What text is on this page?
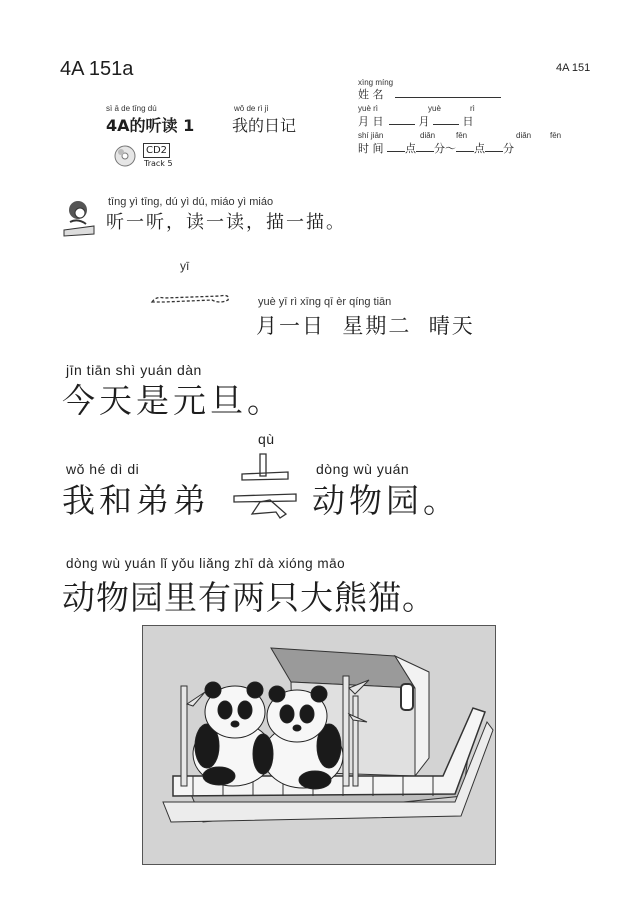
4A 151a	4A 151
sì ā de tīng dú	wǒ de rì jì
4A的听读 1 我的日记
CD2
Track 5
xìng míng
姓 名
yuè rì	yuè	rì
月 日	月	日
shí jiān	diǎn	fēn	diǎn fēn
时 间 点 分～ 点 分
tīng yì tīng, dú yì dú, miáo yì miáo
听一听，读一读，描一描。
yī
yuè yī rì xīng qī èr qíng tiān
月一日  星期二  晴天
jīn tiān shì yuán dàn
今天是元旦。
wǒ hé dì di
我和弟弟
qù
dòng wù yuán
动物园。
dòng wù yuán lǐ yǒu liǎng zhī dà xióng māo
动物园里有两只大熊猫。
